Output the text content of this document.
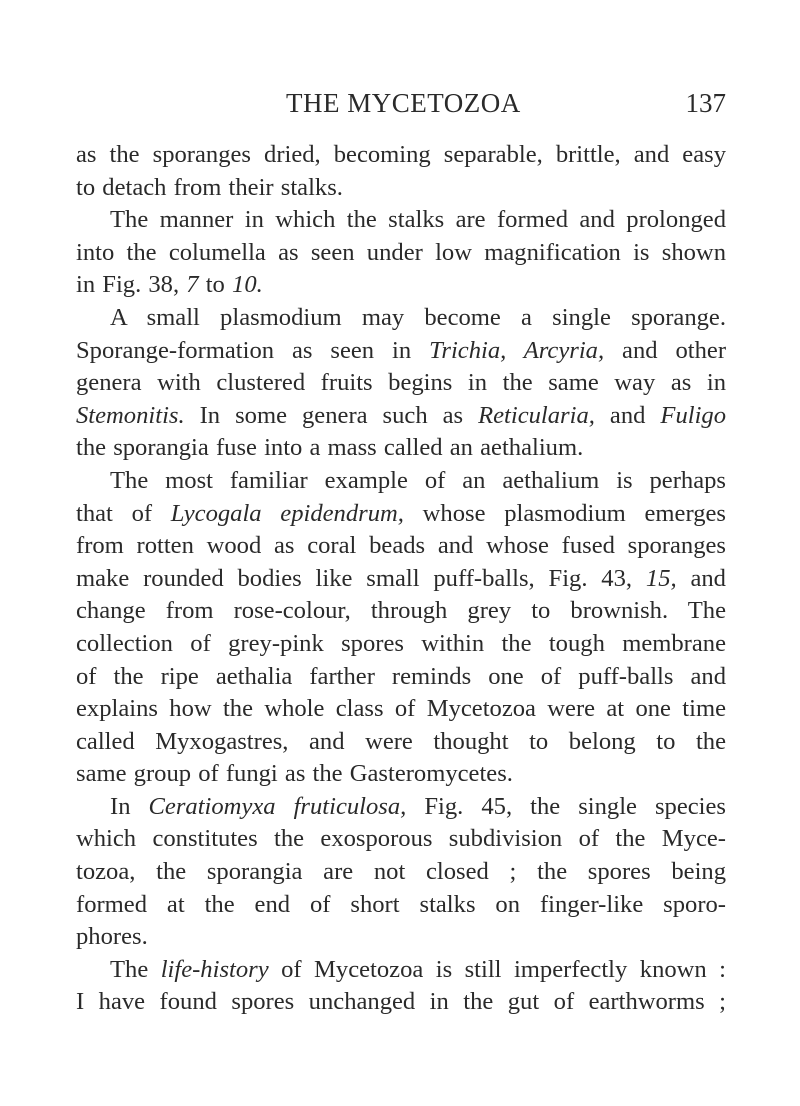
THE MYCETOZOA	137
as the sporanges dried, becoming separable, brittle, and easy
to detach from their stalks.
The manner in which the stalks are formed and prolonged
into the columella as seen under low magnification is shown
in Fig. 38, 7 to 10.
A small plasmodium may become a single sporange.
Sporange-formation as seen in Trichia, Arcyria, and other
genera with clustered fruits begins in the same way as in
Stemonitis. In some genera such as Reticularia, and Fuligo
the sporangia fuse into a mass called an aethalium.
The most familiar example of an aethalium is perhaps
that of Lycogala epidendrum, whose plasmodium emerges
from rotten wood as coral beads and whose fused sporanges
make rounded bodies like small puff-balls, Fig. 43, 15, and
change from rose-colour, through grey to brownish. The
collection of grey-pink spores within the tough membrane
of the ripe aethalia farther reminds one of puff-balls and
explains how the whole class of Mycetozoa were at one time
called Myxogastres, and were thought to belong to the
same group of fungi as the Gasteromycetes.
In Ceratiomyxa fruticulosa, Fig. 45, the single species
which constitutes the exosporous subdivision of the Myce-
tozoa, the sporangia are not closed ; the spores being
formed at the end of short stalks on finger-like sporo-
phores.
The life-history of Mycetozoa is still imperfectly known :
I have found spores unchanged in the gut of earthworms ;
